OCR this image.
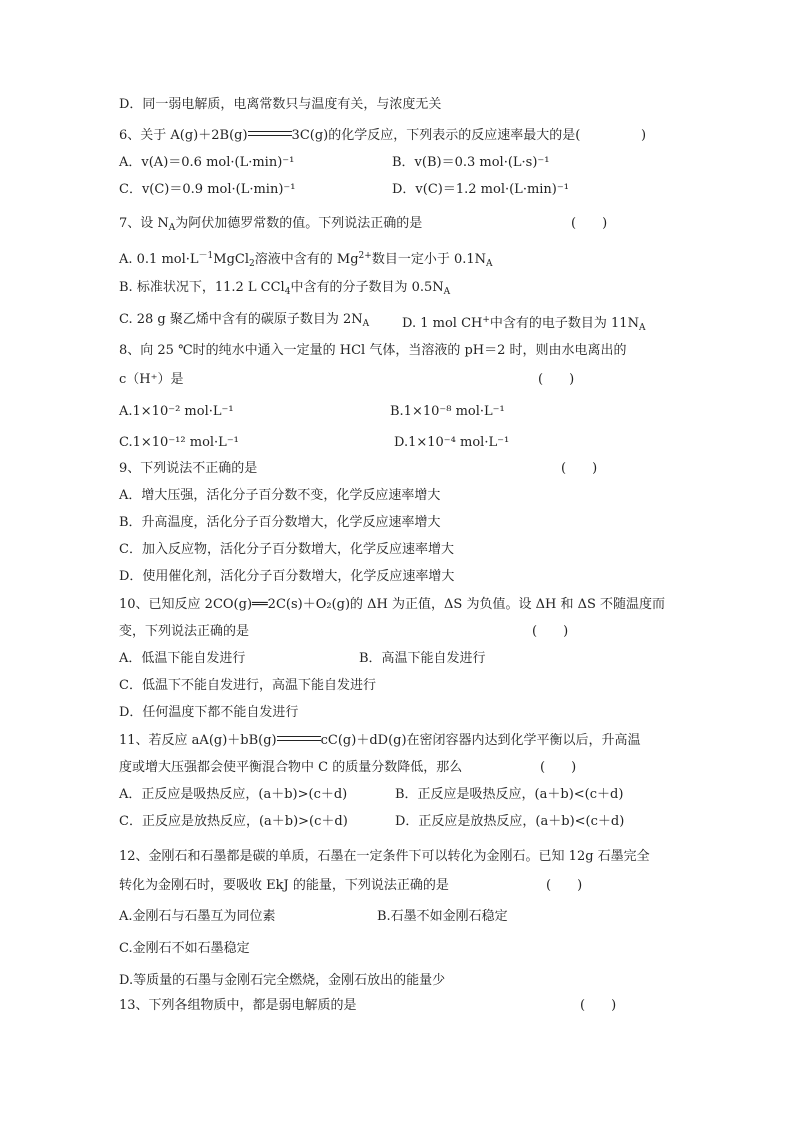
D．同一弱电解质，电离常数只与温度有关，与浓度无关
6、关于 A(g)＋2B(g)	3C(g)的化学反应，下列表示的反应速率最大的是(	)
A．v(A)＝0.6 mol·(L·min)⁻¹	B．v(B)＝0.3 mol·(L·s)⁻¹
C．v(C)＝0.9 mol·(L·min)⁻¹	D．v(C)＝1.2 mol·(L·min)⁻¹
7、设 $N_A$为阿伏加德罗常数的值。下列说法正确的是	(　　)
A. 0.1 $mol\cdot L^{-1}MgCl_2$溶液中含有的 $Mg^{2+}$数目一定小于 $0.1N_A$
B. 标准状况下，11.2 L CCl$_4$中含有的分子数目为 $0.5N_A$
C. 28 g 聚乙烯中含有的碳原子数目为 $2N_A$	D. 1 mol CH+中含有的电子数目为 $11N_A$
8、向 25 ℃时的纯水中通入一定量的 HCl 气体，当溶液的 pH＝2 时，则由水电离出的
c（H⁺）是	(　　)
A.1×10⁻² mol·L⁻¹	B.1×10⁻⁸ mol·L⁻¹
C.1×10⁻¹² mol·L⁻¹	D.1×10⁻⁴ mol·L⁻¹
9、下列说法不正确的是	(　　)
A．增大压强，活化分子百分数不变，化学反应速率增大
B．升高温度，活化分子百分数增大，化学反应速率增大
C．加入反应物，活化分子百分数增大，化学反应速率增大
D．使用催化剂，活化分子百分数增大，化学反应速率增大
10、已知反应 2CO(g)══2C(s)＋O₂(g)的 ΔH 为正值，ΔS 为负值。设 ΔH 和 ΔS 不随温度而
变，下列说法正确的是	(　　)
A．低温下能自发进行	B．高温下能自发进行
C．低温下不能自发进行，高温下能自发进行
D．任何温度下都不能自发进行
11、若反应 aA(g)＋bB(g)	cC(g)＋dD(g)在密闭容器内达到化学平衡以后，升高温
度或增大压强都会使平衡混合物中 C 的质量分数降低，那么	(　　)
A．正反应是吸热反应，(a＋b)>(c＋d)	B．正反应是吸热反应，(a＋b)<(c＋d)
C．正反应是放热反应，(a＋b)>(c＋d)	D．正反应是放热反应，(a＋b)<(c＋d)
12、金刚石和石墨都是碳的单质，石墨在一定条件下可以转化为金刚石。已知 12g 石墨完全
转化为金刚石时，要吸收 EkJ 的能量，下列说法正确的是	(　　)
A.金刚石与石墨互为同位素	B.石墨不如金刚石稳定
C.金刚石不如石墨稳定
D.等质量的石墨与金刚石完全燃烧，金刚石放出的能量少
13、下列各组物质中，都是弱电解质的是	(　　)
